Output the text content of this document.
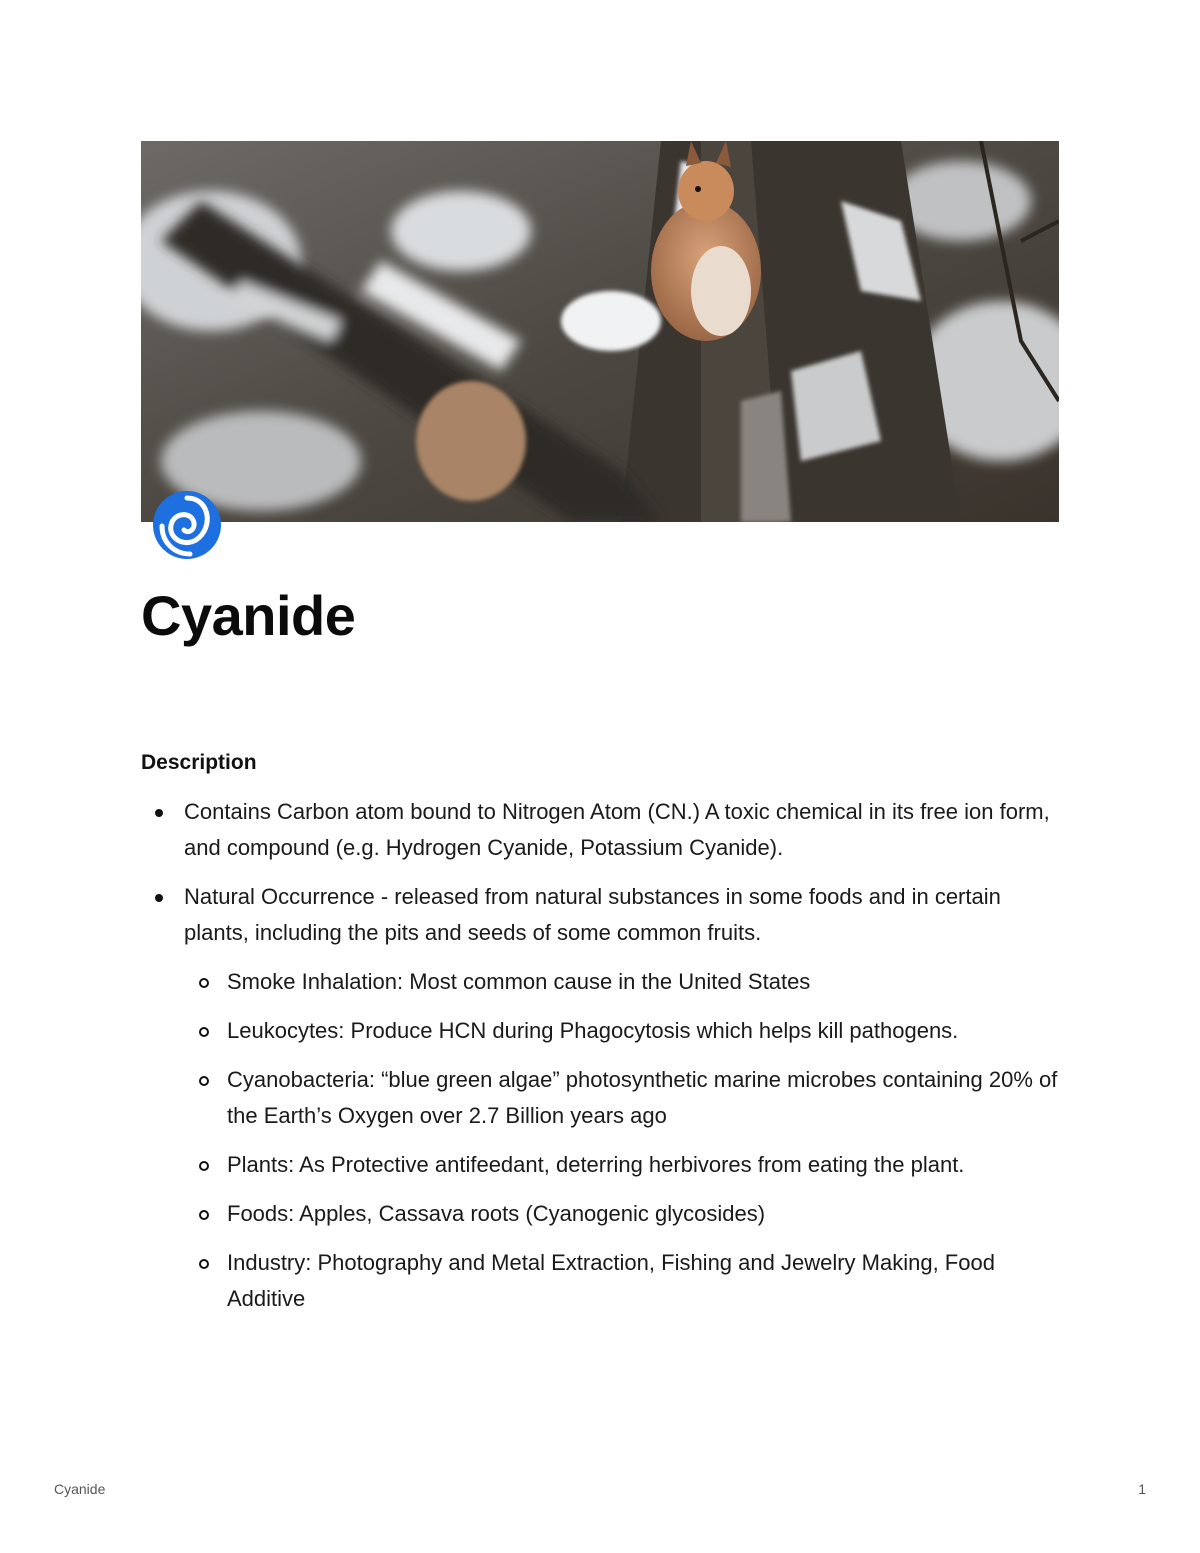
Cyanide
Description
Contains Carbon atom bound to Nitrogen Atom (CN.) A toxic chemical in its free ion form, and compound (e.g. Hydrogen Cyanide, Potassium Cyanide).
Natural Occurrence - released from natural substances in some foods and in certain plants, including the pits and seeds of some common fruits.
Smoke Inhalation: Most common cause in the United States
Leukocytes: Produce HCN during Phagocytosis which helps kill pathogens.
Cyanobacteria: “blue green algae” photosynthetic marine microbes containing 20% of the Earth’s Oxygen over 2.7 Billion years ago
Plants: As Protective antifeedant, deterring herbivores from eating the plant.
Foods: Apples, Cassava roots (Cyanogenic glycosides)
Industry: Photography and Metal Extraction, Fishing and Jewelry Making, Food Additive
Cyanide	1
